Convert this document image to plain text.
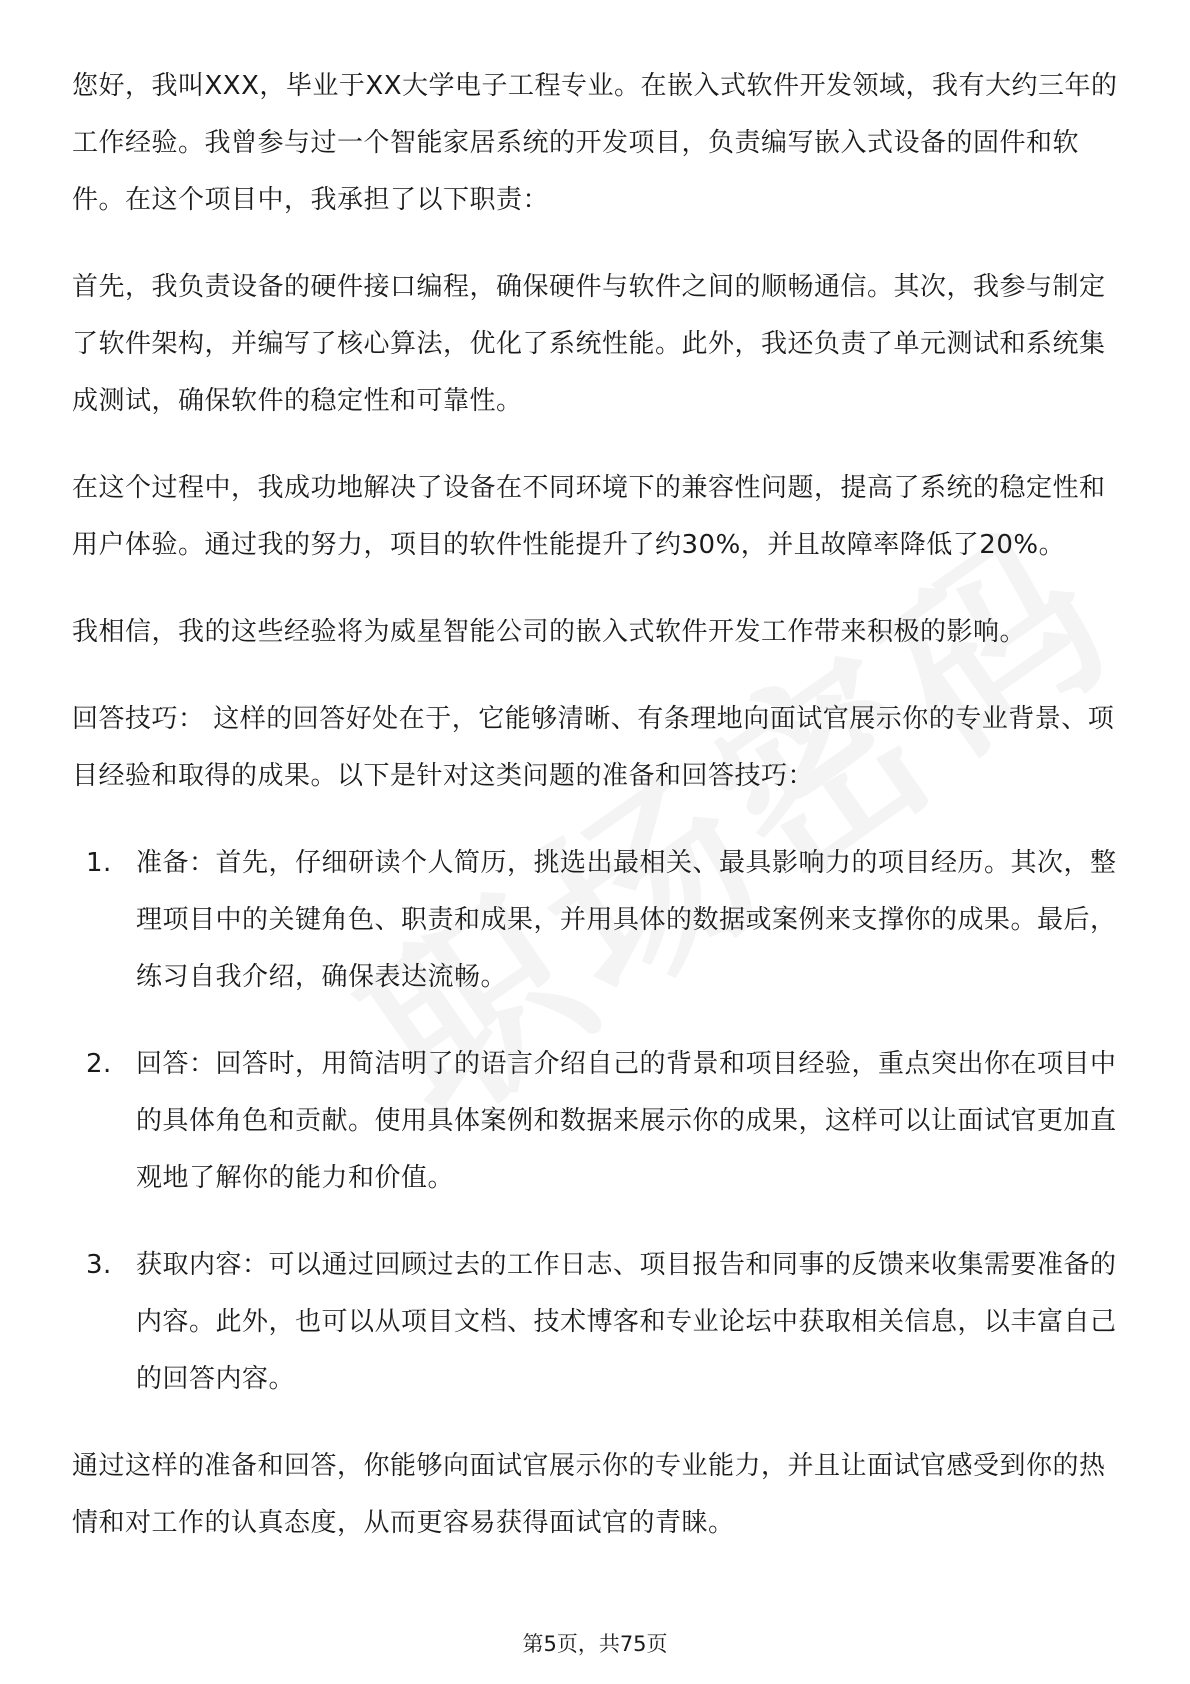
您好，我叫XXX，毕业于XX大学电子工程专业。在嵌入式软件开发领域，我有大约三年的工作经验。我曾参与过一个智能家居系统的开发项目，负责编写嵌入式设备的固件和软件。在这个项目中，我承担了以下职责：

首先，我负责设备的硬件接口编程，确保硬件与软件之间的顺畅通信。其次，我参与制定了软件架构，并编写了核心算法，优化了系统性能。此外，我还负责了单元测试和系统集成测试，确保软件的稳定性和可靠性。

在这个过程中，我成功地解决了设备在不同环境下的兼容性问题，提高了系统的稳定性和用户体验。通过我的努力，项目的软件性能提升了约30%，并且故障率降低了20%。

我相信，我的这些经验将为威星智能公司的嵌入式软件开发工作带来积极的影响。

回答技巧： 这样的回答好处在于，它能够清晰、有条理地向面试官展示你的专业背景、项目经验和取得的成果。以下是针对这类问题的准备和回答技巧：

1. 准备：首先，仔细研读个人简历，挑选出最相关、最具影响力的项目经历。其次，整理项目中的关键角色、职责和成果，并用具体的数据或案例来支撑你的成果。最后，练习自我介绍，确保表达流畅。
2. 回答：回答时，用简洁明了的语言介绍自己的背景和项目经验，重点突出你在项目中的具体角色和贡献。使用具体案例和数据来展示你的成果，这样可以让面试官更加直观地了解你的能力和价值。
3. 获取内容：可以通过回顾过去的工作日志、项目报告和同事的反馈来收集需要准备的内容。此外，也可以从项目文档、技术博客和专业论坛中获取相关信息，以丰富自己的回答内容。

通过这样的准备和回答，你能够向面试官展示你的专业能力，并且让面试官感受到你的热情和对工作的认真态度，从而更容易获得面试官的青睐。

第5页，共75页
